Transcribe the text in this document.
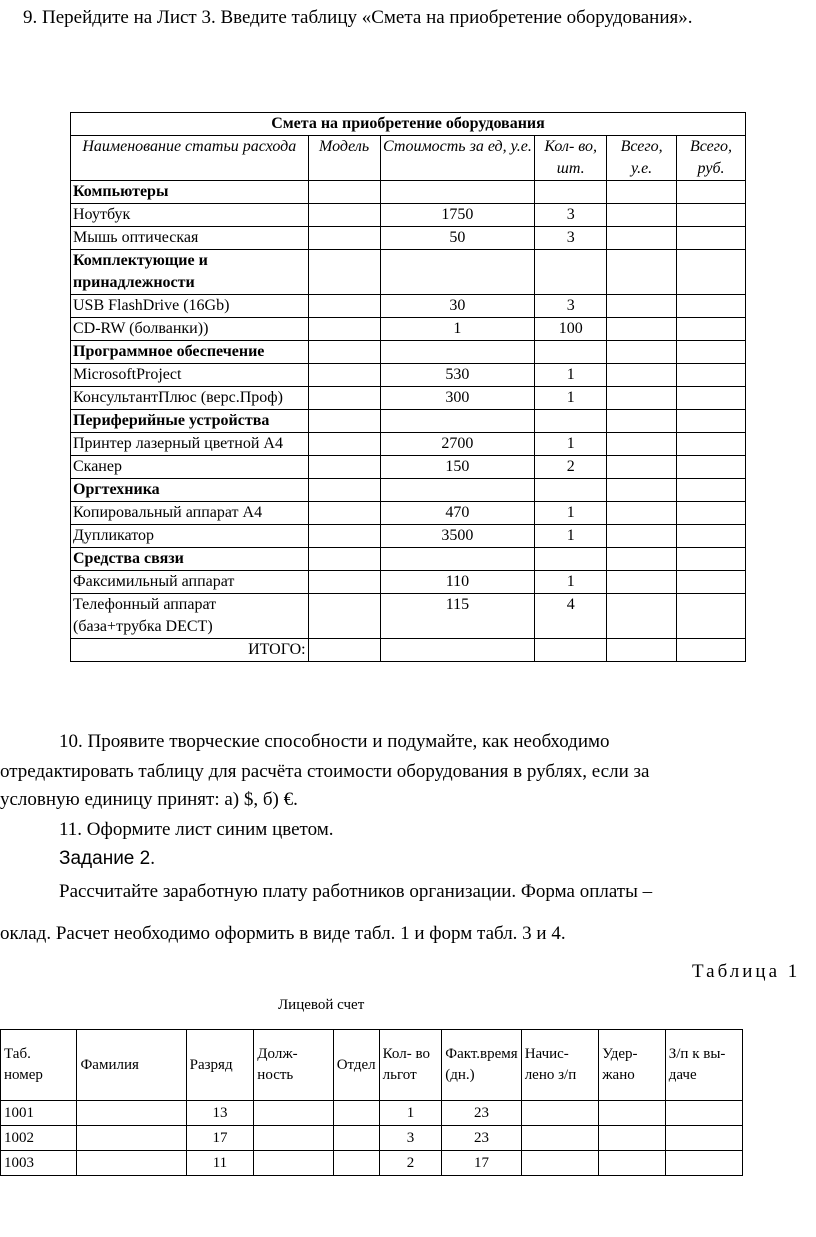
9. Перейдите на Лист 3. Введите таблицу «Смета на приобретение оборудования».
Смета на приобретение оборудования					
Наименование статьи расхода	Модель	Стоимость за ед, у.е.	Кол- во, шт.	Всего, у.е.	Всего, руб.
Компьютеры					
Ноутбук		1750	3		
Мышь оптическая		50	3		
Комплектующие и принадлежности					
USB FlashDrive (16Gb)		30	3		
CD-RW (болванки))		1	100		
Программное обеспечение					
MicrosoftProject		530	1		
КонсультантПлюс (верс.Проф)		300	1		
Периферийные устройства					
Принтер лазерный цветной А4		2700	1		
Сканер		150	2		
Оргтехника					
Копировальный аппарат А4		470	1		
Дупликатор		3500	1		
Средства связи					
Факсимильный аппарат		110	1		
Телефонный аппарат (база+трубка DECT)		115	4		
ИТОГО:					
10. Проявите творческие способности и подумайте, как необходимо
отредактировать таблицу для расчёта стоимости оборудования в рублях, если за
условную единицу принят: а) $, б) €.
11. Оформите лист синим цветом.
Задание 2.
Рассчитайте заработную плату работников организации. Форма оплаты –
оклад. Расчет необходимо оформить в виде табл. 1 и форм табл. 3 и 4.
Таблица 1
Лицевой счет
Таб. номер	Фамилия	Разряд	Долж- ность	Отдел	Кол- во льгот	Факт.время (дн.)	Начис- лено з/п	Удер- жано	З/п к вы-даче
1001		13			1	23			
1002		17			3	23			
1003		11			2	17			
